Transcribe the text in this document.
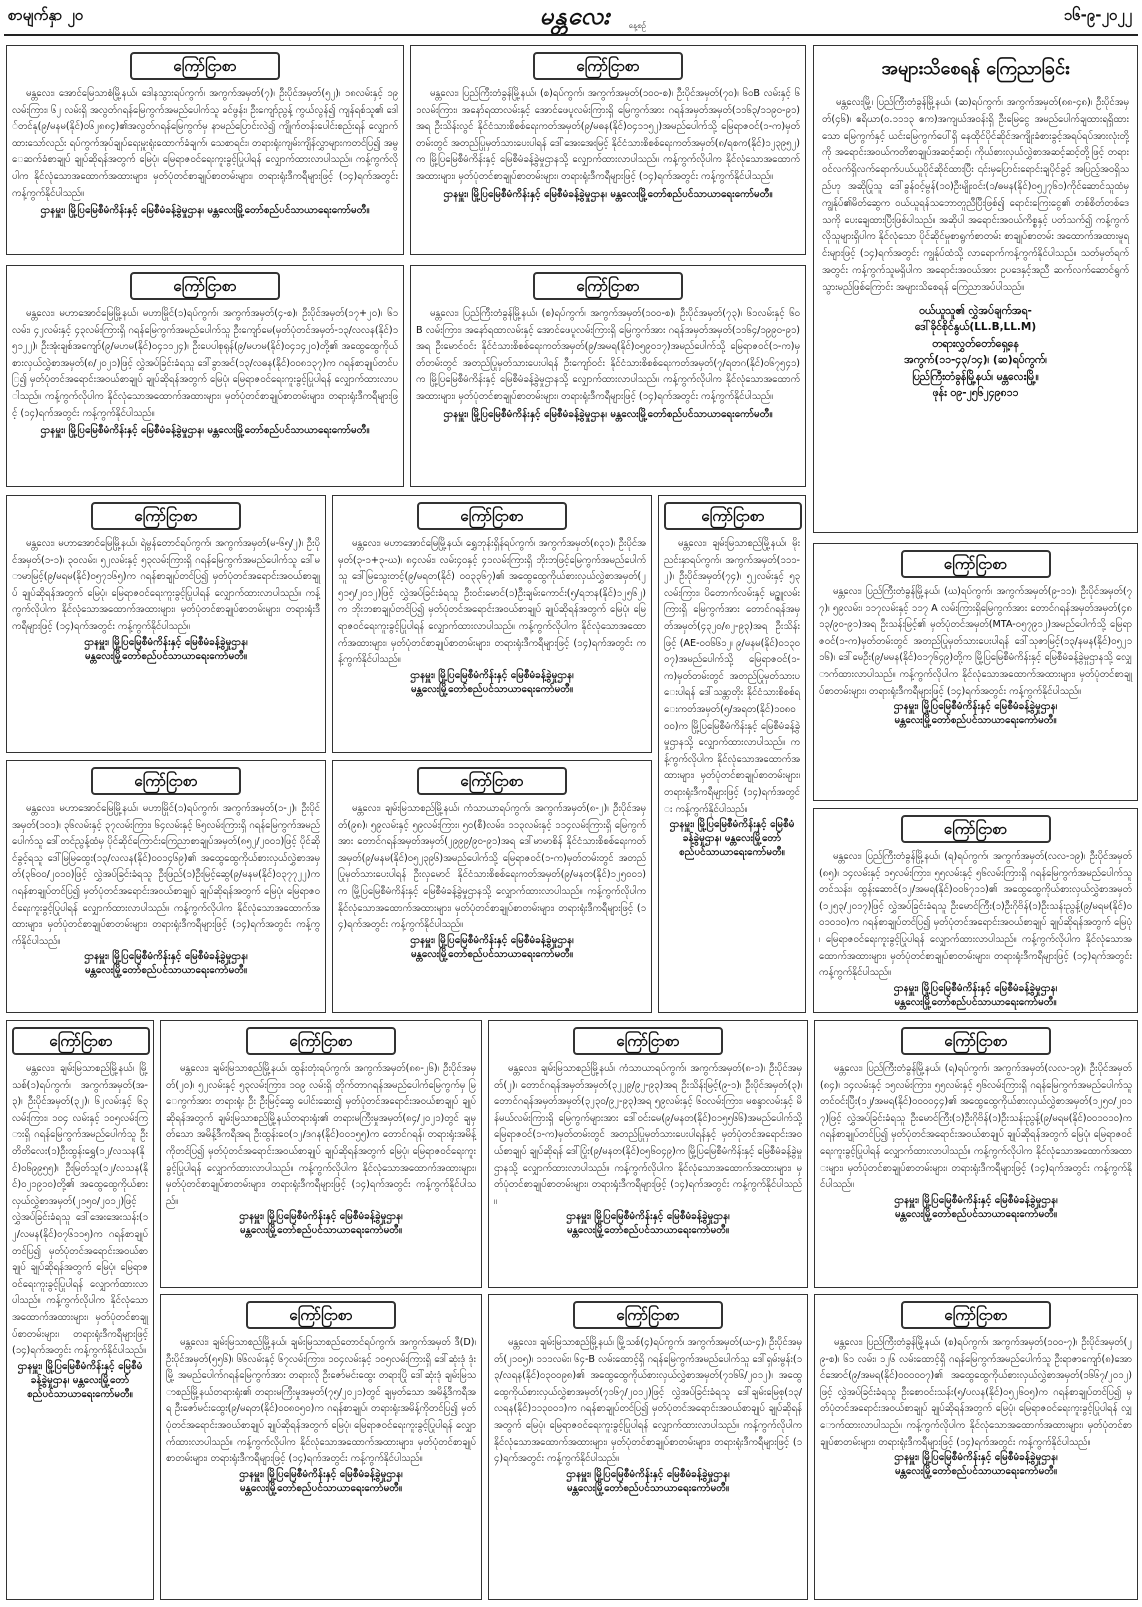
စာမျက်နှာ ၂၀	မန္တလေး နေ့စဉ်
၁၆-၉-၂၀၂၂
ကြော်ငြာစာ
မန္တလေး၊ အောင်မြေသာစံမြို့နယ်၊ ဒေါနသွားရပ်ကွက်၊ အကွက်အမှတ်(၇)၊ ဦးပိုင်အမှတ်(၅၂)၊ ၁၈လမ်းနှင့် ၁၉လမ်းကြား၊ ၆၂ လမ်းရှိ အလွတ်ဂရန်မြေကွက်အမည်ပေါက်သူ ခင်ဖွန်း၊ ဦးကျော်ညွန့် ကွယ်လွန်၍ ကျန်ရစ်သူ၏ ဒေါ်တင်နု(၉/မနမ(နိုင်)၀၆၂၈၈၄)၏အလွတ်ဂရန်မြေကွက်မှ နာမည်ပြောင်းလဲ၍ ကျိုက်တန်းပေါင်းစည်းရန် လျှောက်ထားသော်လည်း ရပ်ကွက်အုပ်ချုပ်ရေးမှူးရုံးထောက်ခံချက်၊ သေစာရင်း၊ တရားရုံးကျမ်းကျိန်လွှာများကတင်ပြ၍ အမွေဆက်ခံစာချုပ် ချုပ်ဆိုရန်အတွက် မြေပုံ၊ မြေရာဇဝင်ရေးကူးခွင့်ပြုပါရန် လျှောက်ထားလာပါသည်။ ကန့်ကွက်လိုပါက နိုင်လုံသောအထောက်အထားများ၊ မှတ်ပုံတင်စာချုပ်စာတမ်းများ၊ တရားရုံးဒီကရီများဖြင့် (၁၄)ရက်အတွင်း ကန့်ကွက်နိုင်ပါသည်။
ဌာနမှူး၊ မြို့ပြမြေစီမံကိန်းနှင့် မြေစီမံခန့်ခွဲမှုဌာန၊ မန္တလေးမြို့တော်စည်ပင်သာယာရေးကော်မတီ။
ကြော်ငြာစာ
မန္တလေး၊ ပြည်ကြီးတံခွန်မြို့နယ်၊ (စ)ရပ်ကွက်၊ အကွက်အမှတ်(၁၀၀-စ)၊ ဦးပိုင်အမှတ်(၇၀)၊ ၆၀B လမ်းနှင့် ၆၁လမ်းကြား၊ အနော်ရထာလမ်းနှင့် အောင်ဖေပူလမ်းကြားရှိ မြေကွက်အား ဂရန်အမှတ်အမှတ်(၁၁၆၃/၁၁၉၀-၉၁)အရ ဦးသိန်းလွင် နိုင်ငံသားစိစစ်ရေးကတ်အမှတ်(၉/မဓန(နိုင်)၀၄၁၁၅၂)အမည်ပေါက်သို့ မြေရာဇဝင်(၁-က)မှတ်တမ်းတွင် အတည်ပြုမှတ်သားပေးပါရန် ဒေါ်အေးအေးမြင့် နိုင်ငံသားစိစစ်ရေးကတ်အမှတ်(၈/ရစက(နိုင်)၁၂၃၉၅၂)က မြို့ပြမြေစီမံကိန်းနှင့် မြေစီမံခန့်ခွဲမှုဌာနသို့ လျှောက်ထားလာပါသည်။ ကန့်ကွက်လိုပါက နိုင်လုံသောအထောက်အထားများ၊ မှတ်ပုံတင်စာချုပ်စာတမ်းများ၊ တရားရုံးဒီကရီများဖြင့် (၁၄)ရက်အတွင်း ကန့်ကွက်နိုင်ပါသည်။
ဌာနမှူး၊ မြို့ပြမြေစီမံကိန်းနှင့် မြေစီမံခန့်ခွဲမှုဌာန၊ မန္တလေးမြို့တော်စည်ပင်သာယာရေးကော်မတီ။
ကြော်ငြာစာ
မန္တလေး၊ မဟာအောင်မြေမြို့နယ်၊ မဟာမြိုင်(၁)ရပ်ကွက်၊ အကွက်အမှတ်(၄-စ)၊ ဦးပိုင်အမှတ်(၁၇+၂၀)၊ ၆၁ လမ်း၊ ၄၂လမ်းနှင့် ၄၃လမ်းကြားရှိ ဂရန်မြေကွက်အမည်ပေါက်သူ ဦးကျော်မေ(မှတ်ပုံတင်အမှတ်-၁၃/လလန(နိုင်)၁၅၁၂၂)၊ ဦးအုံးချစ်အကျော်(၉/မဟမ(နိုင်)၀၄၁၁၂၄)၊ ဦးပေပါစုရုန်(၉/မဟမ(နိုင်)၀၄၁၄၂၀)တို့၏ အထွေထွေကိုယ်စားလှယ်လွှဲစာအမှတ်(၈/၂၀၂၁)ဖြင့် လွှဲအပ်ခြင်းခံရသူ ဒေါ်ခွာအင်(၁၃/လဓန(နိုင်)၀၀၈၁၃၇)က ဂရန်စာချုပ်တင်ပြ၍ မှတ်ပုံတင်အရောင်းအဝယ်စာချုပ် ချုပ်ဆိုရန်အတွက် မြေပုံ၊ မြေရာဇဝင်ရေးကူးခွင့်ပြုပါရန် လျှောက်ထားလာပါသည်။ ကန့်ကွက်လိုပါက နိုင်လုံသောအထောက်အထားများ၊ မှတ်ပုံတင်စာချုပ်စာတမ်းများ၊ တရားရုံးဒီကရီများဖြင့် (၁၄)ရက်အတွင်း ကန့်ကွက်နိုင်ပါသည်။
ဌာနမှူး၊ မြို့ပြမြေစီမံကိန်းနှင့် မြေစီမံခန့်ခွဲမှုဌာန၊ မန္တလေးမြို့တော်စည်ပင်သာယာရေးကော်မတီ။
ကြော်ငြာစာ
မန္တလေး၊ ပြည်ကြီးတံခွန်မြို့နယ်၊ (စ)ရပ်ကွက်၊ အကွက်အမှတ်(၁၀၀-စ)၊ ဦးပိုင်အမှတ်(၇၃)၊ ၆၁လမ်းနှင့် ၆၀ B လမ်းကြား၊ အနော်ရထာလမ်းနှင့် အောင်ဖေပူလမ်းကြားရှိ မြေကွက်အား ဂရန်အမှတ်အမှတ်(၁၁၆၄/၁၉၉၀-၉၁)အရ ဦးမောင်ဝင်း နိုင်ငံသားစိစစ်ရေးကတ်အမှတ်(၉/အမရ(နိုင်)၀၅၉၀၁၇)အမည်ပေါက်သို့ မြေရာဇဝင်(၁-က)မှတ်တမ်းတွင် အတည်ပြုမှတ်သားပေးပါရန် ဦးကျော်ဝင်း နိုင်ငံသားစိစစ်ရေးကတ်အမှတ်(၇/ရတဂ(နိုင်)၀၆၇၅၄၁)က မြို့ပြမြေစီမံကိန်းနှင့် မြေစီမံခန့်ခွဲမှုဌာနသို့ လျှောက်ထားလာပါသည်။ ကန့်ကွက်လိုပါက နိုင်လုံသောအထောက်အထားများ၊ မှတ်ပုံတင်စာချုပ်စာတမ်းများ၊ တရားရုံးဒီကရီများဖြင့် (၁၄)ရက်အတွင်း ကန့်ကွက်နိုင်ပါသည်။
ဌာနမှူး၊ မြို့ပြမြေစီမံကိန်းနှင့် မြေစီမံခန့်ခွဲမှုဌာန၊ မန္တလေးမြို့တော်စည်ပင်သာယာရေးကော်မတီ။
အများသိစေရန် ကြေညာခြင်း
မန္တလေးမြို့၊ ပြည်ကြီးတံခွန်မြို့နယ်၊ (ဆ)ရပ်ကွက်၊ အကွက်အမှတ်(၈၈-၄၈)၊ ဦးပိုင်အမှတ်(၄၆)၊ ဧရိယာ(၀.၁၁၁၃ ဧက)အကျယ်အဝန်းရှိ ဦးမြေငွေ အမည်ပေါက်ချထားရရှိထားသော မြေကွက်နှင့် ယင်းမြေကွက်ပေါ်ရှိ နေထိုင်ပိုင်ဆိုင်အကျိုးခံစားခွင့်အရပ်ရပ်အားလုံးတို့ကို အရောင်းအဝယ်ကတိစာချုပ်အဆင့်ဆင့်၊ ကိုယ်စားလှယ်လွှဲစာအဆင့်ဆင့်တို့ဖြင့် တရားဝင်လက်ရှိလက်ရောက်ပယ်ယူပိုင်ဆိုင်ထားပြီး ၎င်းမှပြောင်းရောင်းချပိုင်ခွင့် အပြည့်အဝရှိသည်ဟု အဆိုပြုသူ ဒေါ်ခွန်ဝင့်မွန်(၁၀)ဦးမျိုးဝင်း(၁/ဓမန(နိုင်)၀၅၂၇၆၁)ကိုင်ဆောင်သူထံမှ ကျွန်ုပ်၏မိတ်ဆွေက ဝယ်ယူရန်သဘောတူညီပြီးဖြစ်၍ ရောင်းကြေးငွေ၏ တစ်စိတ်တစ်ဒေသကို ပေးချေထားပြီးဖြစ်ပါသည်။ အဆိုပါ အရောင်းအဝယ်ကိစ္စနှင့် ပတ်သက်၍ ကန့်ကွက်လိုသူများရှိပါက နိုင်လုံသော ပိုင်ဆိုင်မှုစာရွက်စာတမ်း စာချုပ်စာတမ်း အထောက်အထားမူရင်းများဖြင့် (၁၄)ရက်အတွင်း ကျွန်ုပ်ထံသို့ လာရောက်ကန့်ကွက်နိုင်ပါသည်။ သတ်မှတ်ရက်အတွင်း ကန့်ကွက်သူမရှိပါက အရောင်းအဝယ်အား ဥပဒေနှင့်အညီ ဆက်လက်ဆောင်ရွက်သွားမည်ဖြစ်ကြောင်း အများသိစေရန် ကြေညာအပ်ပါသည်။
ဝယ်ယူသူ၏ လွှဲအပ်ချက်အရ-
ဒေါ်ခိုင်စိုင်နွယ်(LL.B,LL.M)
တရားလွှတ်တော်ရှေ့နေ
အကွက်(၁၁-၄၃/၁၄)၊ (ဆ)ရပ်ကွက်၊
ပြည်ကြီးတံခွန်မြို့နယ်၊ မန္တလေးမြို့။
ဖုန်း ၀၉-၂၅၆၂၄၉၈၁၁
ကြော်ငြာစာ
မန္တလေး၊ မဟာအောင်မြေမြို့နယ်၊ ရဲမွန်တောင်ရပ်ကွက်၊ အကွက်အမှတ်(မ-၆၅/၂)၊ ဦးပိုင်အမှတ်(၁-၁)၊ ၃၀လမ်း၊ ၅၂လမ်းနှင့် ၅၃လမ်းကြားရှိ ဂရန်မြေကွက်အမည်ပေါက်သူ ဒေါ်မာမာမြင့်(၉/မရမ(နိုင်)၀၅၇၁၆၅)က ဂရန်စာချုပ်တင်ပြ၍ မှတ်ပုံတင်အရောင်းအဝယ်စာချုပ် ချုပ်ဆိုရန်အတွက် မြေပုံ၊ မြေရာဇဝင်ရေးကူးခွင့်ပြုပါရန် လျှောက်ထားလာပါသည်။ ကန့်ကွက်လိုပါက နိုင်လုံသောအထောက်အထားများ၊ မှတ်ပုံတင်စာချုပ်စာတမ်းများ၊ တရားရုံးဒီကရီများဖြင့် (၁၄)ရက်အတွင်း ကန့်ကွက်နိုင်ပါသည်။
ဌာနမှူး၊ မြို့ပြမြေစီမံကိန်းနှင့် မြေစီမံခန့်ခွဲမှုဌာန၊
မန္တလေးမြို့တော်စည်ပင်သာယာရေးကော်မတီ။
ကြော်ငြာစာ
မန္တလေး၊ မဟာအောင်မြေမြို့နယ်၊ ရွှေဘုန်းရှိန်ရပ်ကွက်၊ အကွက်အမှတ်(၈၃၁)၊ ဦးပိုင်အမှတ်(၃-၁+၃-ဃ)၊ ၈၄လမ်း၊ လမ်း၄၀နှင့် ၄၁လမ်းကြားရှိ ဘိုးဘဖြင့်မြေကွက်အမည်ပေါက်သူ ဒေါ်မြသွေးတင့်(၉/မရတ(နိုင်) ၀၀၃၃၆၇)၏ အထွေထွေကိုယ်စားလှယ်လွှဲစာအမှတ်(၂၅၁၅/၂၀၁၂)ဖြင့် လွှဲအပ်ခြင်းခံရသူ ဦးဝင်းမောင်(၁)ဦးချမ်းကောင်း(၅/ရဘန(နိုင်)၁၂၅၆၂)က ဘိုးဘစာချုပ်တင်ပြ၍ မှတ်ပုံတင်အရောင်းအဝယ်စာချုပ် ချုပ်ဆိုရန်အတွက် မြေပုံ၊ မြေရာဇဝင်ရေးကူးခွင့်ပြုပါရန် လျှောက်ထားလာပါသည်။ ကန့်ကွက်လိုပါက နိုင်လုံသောအထောက်အထားများ၊ မှတ်ပုံတင်စာချုပ်စာတမ်းများ၊ တရားရုံးဒီကရီများဖြင့် (၁၄)ရက်အတွင်း ကန့်ကွက်နိုင်ပါသည်။
ဌာနမှူး၊ မြို့ပြမြေစီမံကိန်းနှင့် မြေစီမံခန့်ခွဲမှုဌာန၊
မန္တလေးမြို့တော်စည်ပင်သာယာရေးကော်မတီ။
ကြော်ငြာစာ
မန္တလေး၊ ချမ်းမြသာစည်မြို့နယ်၊ မိုးညင်းနှာရပ်ကွက်၊ အကွက်အမှတ်(၁၁၁-၂)၊ ဦးပိုင်အမှတ်(၇၄)၊ ၅၂လမ်းနှင့် ၅၃လမ်းကြား၊ ပိတောက်လမ်းနှင့် မဉ္ဇူလမ်းကြားရှိ မြေကွက်အား တောင်ဂရန်အမှတ်အမှတ်(၄၃၂၀/၈၂-၉၃)အရ ဦးသိန်းဖြင့် (AE-၀၀၆၆၁၂၊ ၉/မနမ(နိုင်)၀၁၃၀၀၇)အမည်ပေါက်သို့ မြေရာဇဝင်(၁-က)မှတ်တမ်းတွင် အတည်ပြုမှတ်သားပေးပါရန် ဒေါ်သန္တာတိုး နိုင်ငံသားစိစစ်ရေးကတ်အမှတ်(၅/အရတ(နိုင်)၁၀၈၀၀၀)က မြို့ပြမြေစီမံကိန်းနှင့် မြေစီမံခန့်ခွဲမှုဌာနသို့ လျှောက်ထားလာပါသည်။ ကန့်ကွက်လိုပါက နိုင်လုံသောအထောက်အထားများ၊ မှတ်ပုံတင်စာချုပ်စာတမ်းများ၊ တရားရုံးဒီကရီများဖြင့် (၁၄)ရက်အတွင်း ကန့်ကွက်နိုင်ပါသည်။
ဌာနမှူး၊ မြို့ပြမြေစီမံကိန်းနှင့် မြေစီမံခန့်ခွဲမှုဌာန၊ မန္တလေးမြို့တော်စည်ပင်သာယာရေးကော်မတီ။
ကြော်ငြာစာ
မန္တလေး၊ ပြည်ကြီးတံခွန်မြို့နယ်၊ (ဃ)ရပ်ကွက်၊ အကွက်အမှတ်(၉-၁၁)၊ ဦးပိုင်အမှတ်(၇၇)၊ ၅၉လမ်း၊ ၁၁၇လမ်းနှင့် ၁၁၇ A လမ်းကြားရှိမြေကွက်အား တောင်ဂရန်အမှတ်အမှတ်(၄၈၁၃/၉၀-၉၁)အရ ဦးသန်းမြင့်၏ မှတ်ပုံတင်အမှတ်(MTA-၀၅၇၉၁၂)အမည်ပေါက်သို့ မြေရာဇဝင်(၁-က)မှတ်တမ်းတွင် အတည်ပြုမှတ်သားပေးပါရန် ဒေါ်သုဇာမြင့်(၁၃/နမန(နိုင်)၀၅၂၁၁၆)၊ ဒေါ်မေဦး(၉/မမန(နိုင်)၀၁၇၆၄၉)တို့က မြို့ပြမြေစီမံကိန်းနှင့် မြေစီမံခန့်ခွဲမှုဌာနသို့ လျှောက်ထားလာပါသည်။ ကန့်ကွက်လိုပါက နိုင်လုံသောအထောက်အထားများ၊ မှတ်ပုံတင်စာချုပ်စာတမ်းများ၊ တရားရုံးဒီကရီများဖြင့် (၁၄)ရက်အတွင်း ကန့်ကွက်နိုင်ပါသည်။
ဌာနမှူး၊ မြို့ပြမြေစီမံကိန်းနှင့် မြေစီမံခန့်ခွဲမှုဌာန၊
မန္တလေးမြို့တော်စည်ပင်သာယာရေးကော်မတီ။
ကြော်ငြာစာ
မန္တလေး၊ မဟာအောင်မြေမြို့နယ်၊ မဟာမြိုင်(၁)ရပ်ကွက်၊ အကွက်အမှတ်(၁-၂)၊ ဦးပိုင်အမှတ်(၁၀၁)၊ ၃၆လမ်းနှင့် ၃၇လမ်းကြား၊ ၆၄လမ်းနှင့် ၆၅လမ်းကြားရှိ ဂရန်မြေကွက်အမည်ပေါက်သူ ဒေါ်တင်ညွန့်ထံမှ ပိုင်ဆိုင်ကြောင်းကြေညာစာချုပ်အမှတ်(၈၅၂/၂၀၀၁)ဖြင့် ပိုင်ဆိုင်ခွင့်ရသူ ဒေါ်မြမြထွေး(၁၃/လလန(နိုင်)၀၀၁၄၆၉)၏ အထွေထွေကိုယ်စားလှယ်လွှဲစာအမှတ်(၃၆၀၀/၂၀၁၀)ဖြင့် လွှဲအပ်ခြင်းခံရသူ ဦးဖြည်(၁)ဦးမြင့်ဆွေ(၉/မနမ(နိုင်)၀၃၇၇၂၂)က ဂရန်စာချုပ်တင်ပြ၍ မှတ်ပုံတင်အရောင်းအဝယ်စာချုပ် ချုပ်ဆိုရန်အတွက် မြေပုံ၊ မြေရာဇဝင်ရေးကူးခွင့်ပြုပါရန် လျှောက်ထားလာပါသည်။ ကန့်ကွက်လိုပါက နိုင်လုံသောအထောက်အထားများ၊ မှတ်ပုံတင်စာချုပ်စာတမ်းများ၊ တရားရုံးဒီကရီများဖြင့် (၁၄)ရက်အတွင်း ကန့်ကွက်နိုင်ပါသည်။
ဌာနမှူး၊ မြို့ပြမြေစီမံကိန်းနှင့် မြေစီမံခန့်ခွဲမှုဌာန၊
မန္တလေးမြို့တော်စည်ပင်သာယာရေးကော်မတီ။
ကြော်ငြာစာ
မန္တလေး၊ ချမ်းမြသာစည်မြို့နယ်၊ ကံသာယာရပ်ကွက်၊ အကွက်အမှတ်(၈-၂)၊ ဦးပိုင်အမှတ်(၉၈)၊ ၅၉လမ်းနှင့် ၅၉လမ်းကြား၊ ၅၀(စီ)လမ်း၊ ၁၁၃လမ်းနှင့် ၁၁၄လမ်းကြားရှိ မြေကွက်အား တောင်ဂရန်အမှတ်အမှတ်(၂၉၉၉/၉၀-၉၁)အရ ဒေါ်မာမာစိန် နိုင်ငံသားစိစစ်ရေးကတ်အမှတ်(၉/မနမ(နိုင်)၀၅၂၃၉၆)အမည်ပေါက်သို့ မြေရာဇဝင်(၁-က)မှတ်တမ်းတွင် အတည်ပြုမှတ်သားပေးပါရန် ဦးလှမောင် နိုင်ငံသားစိစစ်ရေးကတ်အမှတ်(၉/မနတ(နိုင်)၁၂၅၀၀၁)က မြို့ပြမြေစီမံကိန်းနှင့် မြေစီမံခန့်ခွဲမှုဌာနသို့ လျှောက်ထားလာပါသည်။ ကန့်ကွက်လိုပါက နိုင်လုံသောအထောက်အထားများ၊ မှတ်ပုံတင်စာချုပ်စာတမ်းများ၊ တရားရုံးဒီကရီများဖြင့် (၁၄)ရက်အတွင်း ကန့်ကွက်နိုင်ပါသည်။
ဌာနမှူး၊ မြို့ပြမြေစီမံကိန်းနှင့် မြေစီမံခန့်ခွဲမှုဌာန၊
မန္တလေးမြို့တော်စည်ပင်သာယာရေးကော်မတီ။
ကြော်ငြာစာ
မန္တလေး၊ ပြည်ကြီးတံခွန်မြို့နယ်၊ (ရ)ရပ်ကွက်၊ အကွက်အမှတ်(လလ-၁၉)၊ ဦးပိုင်အမှတ်(၈၅)၊ ၁၄လမ်းနှင့် ၁၅လမ်းကြား၊ ၅၅လမ်းနှင့် ၅၆လမ်းကြားရှိ ဂရန်မြေကွက်အမည်ပေါက်သူ တင်သန်း၊ ထွန်းဆောင်(၁၂/အမရ(နိုင်)၀၀၆၇၁၁)၏ အထွေထွေကိုယ်စားလှယ်လွှဲစာအမှတ်(၁၂၅၃/၂၀၁၇)ဖြင့် လွှဲအပ်ခြင်းခံရသူ ဦးမောင်ကြီး(၁)ဦးဂိုဗိန်(၁)ဦးသန်းညွန့်(၉/မရမ(နိုင်)၀၀၁၀၁၀)က ဂရန်စာချုပ်တင်ပြ၍ မှတ်ပုံတင်အရောင်းအဝယ်စာချုပ် ချုပ်ဆိုရန်အတွက် မြေပုံ၊ မြေရာဇဝင်ရေးကူးခွင့်ပြုပါရန် လျှောက်ထားလာပါသည်။ ကန့်ကွက်လိုပါက နိုင်လုံသောအထောက်အထားများ၊ မှတ်ပုံတင်စာချုပ်စာတမ်းများ၊ တရားရုံးဒီကရီများဖြင့် (၁၄)ရက်အတွင်း ကန့်ကွက်နိုင်ပါသည်။
ဌာနမှူး၊ မြို့ပြမြေစီမံကိန်းနှင့် မြေစီမံခန့်ခွဲမှုဌာန၊
မန္တလေးမြို့တော်စည်ပင်သာယာရေးကော်မတီ။
ကြော်ငြာစာ
မန္တလေး၊ ချမ်းမြသာစည်မြို့နယ်၊ မြို့သစ်(၁)ရပ်ကွက်၊ အကွက်အမှတ်(အ-၃)၊ ဦးပိုင်အမှတ်(၃၂)၊ ၆၂လမ်းနှင့် ၆၃လမ်းကြား၊ ၁၀၄ လမ်းနှင့် ၁၀၅လမ်းကြားရှိ ဂရန်မြေကွက်အမည်ပေါက်သူ ဦးတိတိလေး(၁)ဦးထွန်းရွှေ(၁၂/လသန(နိုင်)၀၆၉၉၅၅)၊ ဦးမြတ်သူ(၁၂/လသန(နိုင်)၀၂၁၉၁၀)တို့၏ အထွေထွေကိုယ်စားလှယ်လွှဲစာအမှတ်(၂၁၅၀/၂၀၁၂)ဖြင့် လွှဲအပ်ခြင်းခံရသူ ဒေါ်အေးအေးသန်း(၁၂/လမန(နိုင်)၀၇၆၁၁၅)က ဂရန်စာချုပ်တင်ပြ၍ မှတ်ပုံတင်အရောင်းအဝယ်စာချုပ် ချုပ်ဆိုရန်အတွက် မြေပုံ၊ မြေရာဇဝင်ရေးကူးခွင့်ပြုပါရန် လျှောက်ထားလာပါသည်။ ကန့်ကွက်လိုပါက နိုင်လုံသောအထောက်အထားများ၊ မှတ်ပုံတင်စာချုပ်စာတမ်းများ၊ တရားရုံးဒီကရီများဖြင့် (၁၄)ရက်အတွင်း ကန့်ကွက်နိုင်ပါသည်။
ဌာနမှူး၊ မြို့ပြမြေစီမံကိန်းနှင့် မြေစီမံခန့်ခွဲမှုဌာန၊ မန္တလေးမြို့တော်စည်ပင်သာယာရေးကော်မတီ။
ကြော်ငြာစာ
မန္တလေး၊ ချမ်းမြသာစည်မြို့နယ်၊ ထွန်းတုံးရပ်ကွက်၊ အကွက်အမှတ်(၈၈-၂၆)၊ ဦးပိုင်အမှတ်(၂၀)၊ ၅၂လမ်းနှင့် ၅၃လမ်းကြား၊ ၁၀၉ လမ်းရှိ တိုက်တာဂရန်အမည်ပေါက်မြေကွက်မှ မြေကွက်အား တရားရုံး ဦး ဦးမြင့်ဆွေ ပေါင်းဆေး၍ မှတ်ပုံတင်အရောင်းအဝယ်စာချုပ် ချုပ်ဆိုရန်အတွက် ချမ်းမြသာစည်မြို့နယ်တရားရုံး၏ တရားမကြီးမှုအမှတ်(၈၄/၂၀၂၁)တွင် ချမှတ်သော အမိန့်ဒီကရီအရ ဦးထွန်းဝေ(၁၂/ဒဂန(နိုင်)၀၀၁၅၅)က တောင်ဂရန်၊ တရားရုံးအမိန့်ကိုတင်ပြ၍ မှတ်ပုံတင်အရောင်းအဝယ်စာချုပ် ချုပ်ဆိုရန်အတွက် မြေပုံ၊ မြေရာဇဝင်ရေးကူးခွင့်ပြုပါရန် လျှောက်ထားလာပါသည်။ ကန့်ကွက်လိုပါက နိုင်လုံသောအထောက်အထားများ၊ မှတ်ပုံတင်စာချုပ်စာတမ်းများ၊ တရားရုံးဒီကရီများဖြင့် (၁၄)ရက်အတွင်း ကန့်ကွက်နိုင်ပါသည်။
ဌာနမှူး၊ မြို့ပြမြေစီမံကိန်းနှင့် မြေစီမံခန့်ခွဲမှုဌာန၊
မန္တလေးမြို့တော်စည်ပင်သာယာရေးကော်မတီ။
ကြော်ငြာစာ
မန္တလေး၊ ချမ်းမြသာစည်မြို့နယ်၊ ကံသာယာရပ်ကွက်၊ အကွက်အမှတ်(၈-၁)၊ ဦးပိုင်အမှတ်(၂)၊ တောင်ဂရန်အမှတ်အမှတ်(၃၂၂၉/၉၂-၉၃)အရ ဦးသိန်းမြင့်(၉-၁)၊ ဦးပိုင်အမှတ်(၃)၊ တောင်ဂရန်အမှတ်အမှတ်(၃၂၃၀/၉၂-၉၃)အရ ၅၉လမ်းနှင့် ၆၀လမ်းကြား၊ မစန္ဒာလမ်းနှင့် မိန်မယ်လမ်းကြားရှိ မြေကွက်များအား ဒေါ်ဝင်းမေ(၉/မနတ(နိုင်)၀၁၅၅၆၆)အမည်ပေါက်သို့ မြေရာဇဝင်(၁-က)မှတ်တမ်းတွင် အတည်ပြုမှတ်သားပေးပါရန်နှင့် မှတ်ပုံတင်အရောင်းအဝယ်စာချုပ် ချုပ်ဆိုရန် ဒေါ်ပြုံး(၉/မနတ(နိုင်)၀၅၆၀၄၉)က မြို့ပြမြေစီမံကိန်းနှင့် မြေစီမံခန့်ခွဲမှုဌာနသို့ လျှောက်ထားလာပါသည်။ ကန့်ကွက်လိုပါက နိုင်လုံသောအထောက်အထားများ၊ မှတ်ပုံတင်စာချုပ်စာတမ်းများ၊ တရားရုံးဒီကရီများဖြင့် (၁၄)ရက်အတွင်း ကန့်ကွက်နိုင်ပါသည်။
ဌာနမှူး၊ မြို့ပြမြေစီမံကိန်းနှင့် မြေစီမံခန့်ခွဲမှုဌာန၊
မန္တလေးမြို့တော်စည်ပင်သာယာရေးကော်မတီ။
ကြော်ငြာစာ
မန္တလေး၊ ပြည်ကြီးတံခွန်မြို့နယ်၊ (ရ)ရပ်ကွက်၊ အကွက်အမှတ်(လလ-၁၉)၊ ဦးပိုင်အမှတ်(၈၄)၊ ၁၄လမ်းနှင့် ၁၅လမ်းကြား၊ ၅၅လမ်းနှင့် ၅၆လမ်းကြားရှိ ဂရန်မြေကွက်အမည်ပေါက်သူ တင်ဝင်းပြီး(၁၂/အမရ(နိုင်)၀၀၀၀၄၄)၏ အထွေထွေကိုယ်စားလှယ်လွှဲစာအမှတ်(၁၂၅၀/၂၀၁၇)ဖြင့် လွှဲအပ်ခြင်းခံရသူ ဦးမောင်ကြီး(၁)ဦးဂိုဗိန်(၁)ဦးသန်းညွန့်(၉/မရမ(နိုင်)၀၀၁၀၁၀)က ဂရန်စာချုပ်တင်ပြ၍ မှတ်ပုံတင်အရောင်းအဝယ်စာချုပ် ချုပ်ဆိုရန်အတွက် မြေပုံ၊ မြေရာဇဝင်ရေးကူးခွင့်ပြုပါရန် လျှောက်ထားလာပါသည်။ ကန့်ကွက်လိုပါက နိုင်လုံသောအထောက်အထားများ၊ မှတ်ပုံတင်စာချုပ်စာတမ်းများ၊ တရားရုံးဒီကရီများဖြင့် (၁၄)ရက်အတွင်း ကန့်ကွက်နိုင်ပါသည်။
ဌာနမှူး၊ မြို့ပြမြေစီမံကိန်းနှင့် မြေစီမံခန့်ခွဲမှုဌာန၊
မန္တလေးမြို့တော်စည်ပင်သာယာရေးကော်မတီ။
ကြော်ငြာစာ
မန္တလေး၊ ချမ်းမြသာစည်မြို့နယ်၊ ချမ်းမြသာစည်တောင်ရပ်ကွက်၊ အကွက်အမှတ် ဒီ(D)၊ ဦးပိုင်အမှတ်(၅၅၆)၊ ၆၆လမ်းနှင့် ၆၇လမ်းကြား၊ ၁၀၄လမ်းနှင့် ၁၀၅လမ်းကြားရှိ ဒေါ်ဆုံးဒုံ ဒုံးမြို့ အမည်ပေါက်ဂရန်မြေကွက်အား တရားလို ဦးဇော်မင်းထွေး တရားပြို ဒေါ်ဆုံးဒုံ ချမ်းမြသာစည်မြို့နယ်တရားရုံး၏ တရားမကြီးမှုအမှတ်(၇၅/၂၀၂၁)တွင် ချမှတ်သော အမိန့်ဒီကရီအရ ဦးဇော်မင်းထွေး(၉/မရတ(နိုင်)၀၀၈၀၅၀)က ဂရန်စာချုပ်၊ တရားရုံးအမိန့်ကိုတင်ပြ၍ မှတ်ပုံတင်အရောင်းအဝယ်စာချုပ် ချုပ်ဆိုရန်အတွက် မြေပုံ၊ မြေရာဇဝင်ရေးကူးခွင့်ပြုပါရန် လျှောက်ထားလာပါသည်။ ကန့်ကွက်လိုပါက နိုင်လုံသောအထောက်အထားများ၊ မှတ်ပုံတင်စာချုပ်စာတမ်းများ၊ တရားရုံးဒီကရီများဖြင့် (၁၄)ရက်အတွင်း ကန့်ကွက်နိုင်ပါသည်။
ဌာနမှူး၊ မြို့ပြမြေစီမံကိန်းနှင့် မြေစီမံခန့်ခွဲမှုဌာန၊
မန္တလေးမြို့တော်စည်ပင်သာယာရေးကော်မတီ။
ကြော်ငြာစာ
မန္တလေး၊ ချမ်းမြသာစည်မြို့နယ်၊ မြို့သစ်(၄)ရပ်ကွက်၊ အကွက်အမှတ်(ယ-၄)၊ ဦးပိုင်အမှတ်(၂၁၀၅)၊ ၁၁၁လမ်း၊ ၆၄-B လမ်းထောင့်ရှိ ဂရန်မြေကွက်အမည်ပေါက်သူ ဒေါ်ရှမ်းမွန်း(၁၃/လရန(နိုင်)၀၃၀၀၉၈)၏ အထွေထွေကိုယ်စားလှယ်လွှဲစာအမှတ်(၇၁၆၆/၂၀၁၂)၊ အထွေထွေကိုယ်စားလှယ်လွှဲစာအမှတ်(၇၁၆၇/၂၀၁၂)ဖြင့် လွှဲအပ်ခြင်းခံရသူ ဒေါ်ချမ်းမြေစု(၁၃/လရန(နိုင်)၁၁၃၀၀၁)က ဂရန်စာချုပ်တင်ပြ၍ မှတ်ပုံတင်အရောင်းအဝယ်စာချုပ် ချုပ်ဆိုရန်အတွက် မြေပုံ၊ မြေရာဇဝင်ရေးကူးခွင့်ပြုပါရန် လျှောက်ထားလာပါသည်။ ကန့်ကွက်လိုပါက နိုင်လုံသောအထောက်အထားများ၊ မှတ်ပုံတင်စာချုပ်စာတမ်းများ၊ တရားရုံးဒီကရီများဖြင့် (၁၄)ရက်အတွင်း ကန့်ကွက်နိုင်ပါသည်။
ဌာနမှူး၊ မြို့ပြမြေစီမံကိန်းနှင့် မြေစီမံခန့်ခွဲမှုဌာန၊
မန္တလေးမြို့တော်စည်ပင်သာယာရေးကော်မတီ။
ကြော်ငြာစာ
မန္တလေး၊ ပြည်ကြီးတံခွန်မြို့နယ်၊ (စ)ရပ်ကွက်၊ အကွက်အမှတ်(၁၀၀-၇)၊ ဦးပိုင်အမှတ်(၂၉-စ)၊ ၆၁ လမ်း၊ ၁၂၆ လမ်းထောင့်ရှိ ဂရန်မြေကွက်အမည်ပေါက်သူ ဦးရာဇာကျော်(၈)အောင်အောင်(၉/အမရ(နိုင်)၀၀၀၀၀၇)၏ အထွေထွေကိုယ်စားလှယ်လွှဲစာအမှတ်(၁၆၆၇/၂၀၁၂)ဖြင့် လွှဲအပ်ခြင်းခံရသူ ဦးစောဝင်းသန်း(၅/ပလန(နိုင်)၀၅၂၆၀၅)က ဂရန်စာချုပ်တင်ပြ၍ မှတ်ပုံတင်အရောင်းအဝယ်စာချုပ် ချုပ်ဆိုရန်အတွက် မြေပုံ၊ မြေရာဇဝင်ရေးကူးခွင့်ပြုပါရန် လျှောက်ထားလာပါသည်။ ကန့်ကွက်လိုပါက နိုင်လုံသောအထောက်အထားများ၊ မှတ်ပုံတင်စာချုပ်စာတမ်းများ၊ တရားရုံးဒီကရီများဖြင့် (၁၄)ရက်အတွင်း ကန့်ကွက်နိုင်ပါသည်။
ဌာနမှူး၊ မြို့ပြမြေစီမံကိန်းနှင့် မြေစီမံခန့်ခွဲမှုဌာန၊
မန္တလေးမြို့တော်စည်ပင်သာယာရေးကော်မတီ။
